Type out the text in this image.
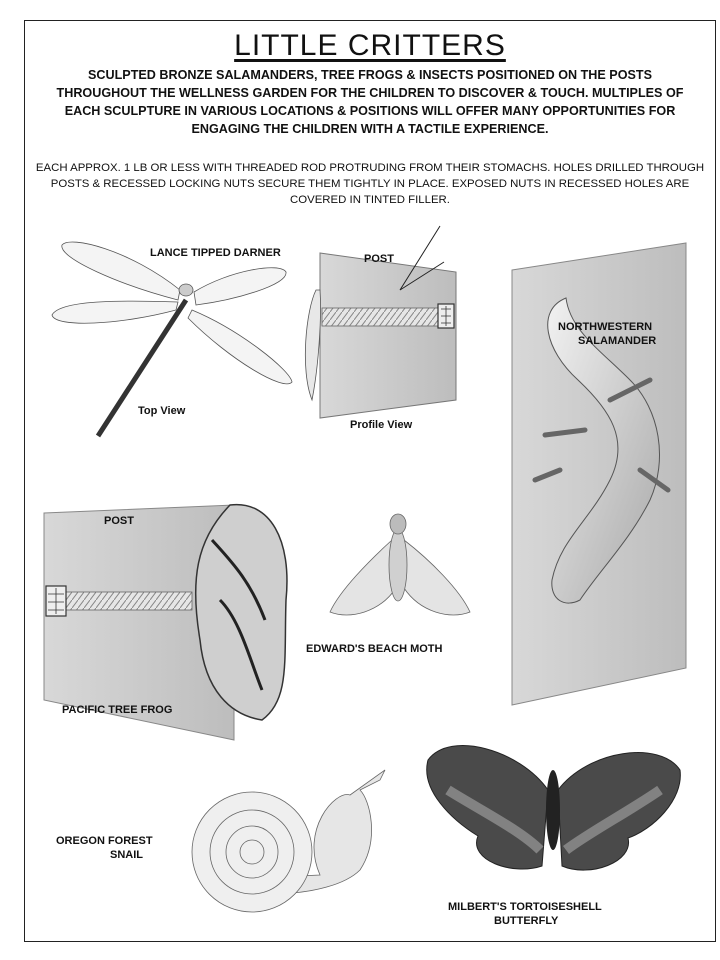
LITTLE CRITTERS
SCULPTED BRONZE SALAMANDERS, TREE FROGS & INSECTS POSITIONED ON THE POSTS THROUGHOUT THE WELLNESS GARDEN FOR THE CHILDREN TO DISCOVER & TOUCH. MULTIPLES OF EACH SCULPTURE IN VARIOUS LOCATIONS & POSITIONS WILL OFFER MANY OPPORTUNITIES FOR ENGAGING THE CHILDREN WITH A TACTILE EXPERIENCE.
EACH APPROX. 1 LB OR LESS WITH THREADED ROD PROTRUDING FROM THEIR STOMACHS. HOLES DRILLED THROUGH POSTS & RECESSED LOCKING NUTS SECURE THEM TIGHTLY IN PLACE. EXPOSED NUTS IN RECESSED HOLES ARE COVERED IN TINTED FILLER.
LANCE TIPPED DARNER
Top View
POST
Profile View
NORTHWESTERN
SALAMANDER
POST
PACIFIC TREE FROG
EDWARD'S BEACH MOTH
OREGON FOREST
SNAIL
MILBERT'S TORTOISESHELL
BUTTERFLY
